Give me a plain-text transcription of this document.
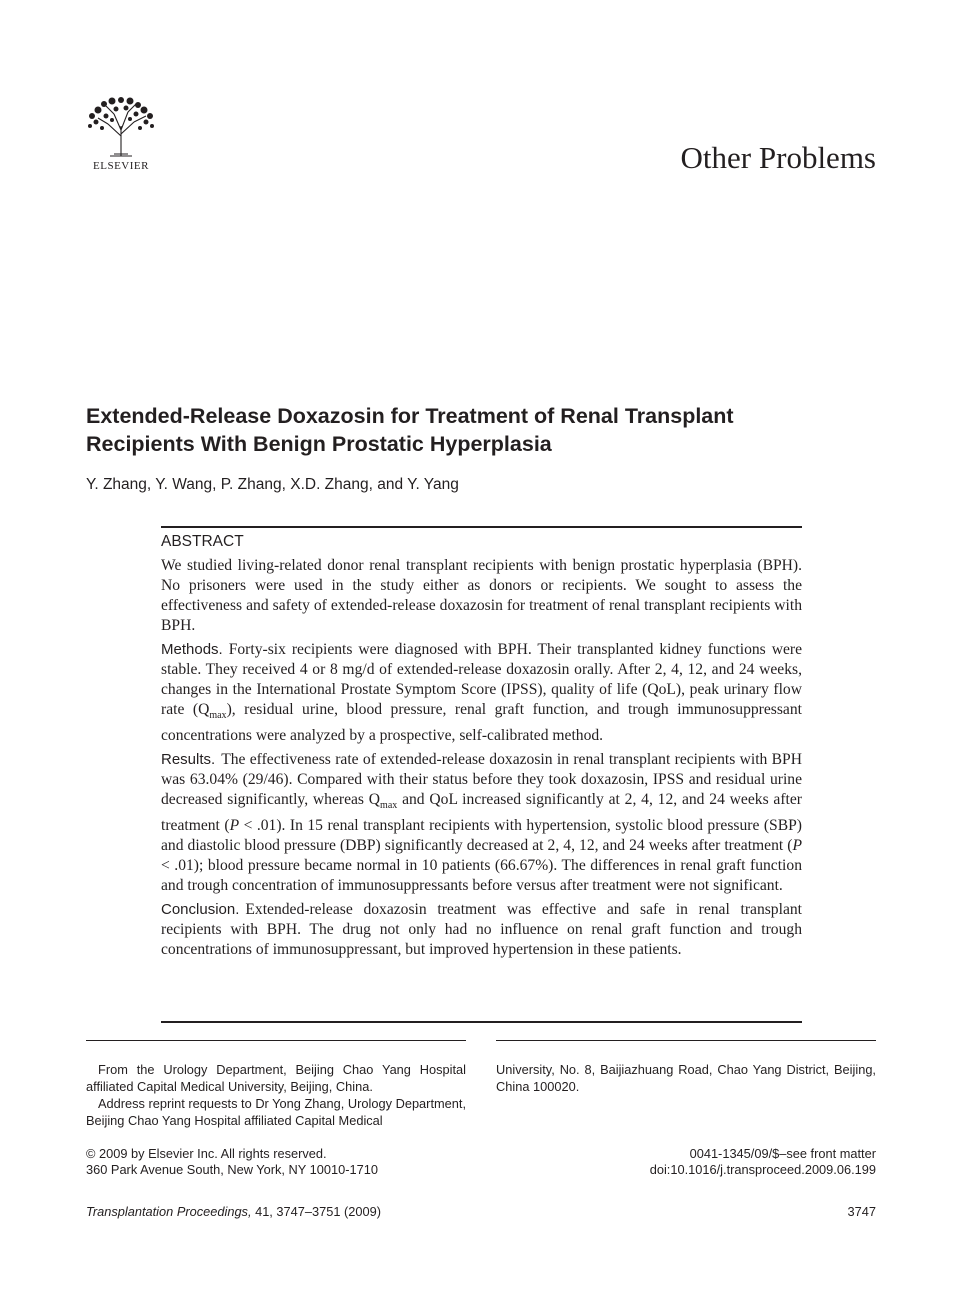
ELSEVIER	Other Problems
Extended-Release Doxazosin for Treatment of Renal Transplant Recipients With Benign Prostatic Hyperplasia
Y. Zhang, Y. Wang, P. Zhang, X.D. Zhang, and Y. Yang
ABSTRACT

We studied living-related donor renal transplant recipients with benign prostatic hyperplasia (BPH). No prisoners were used in the study either as donors or recipients. We sought to assess the effectiveness and safety of extended-release doxazosin for treatment of renal transplant recipients with BPH.

Methods. Forty-six recipients were diagnosed with BPH. Their transplanted kidney functions were stable. They received 4 or 8 mg/d of extended-release doxazosin orally. After 2, 4, 12, and 24 weeks, changes in the International Prostate Symptom Score (IPSS), quality of life (QoL), peak urinary flow rate $(Q_{max})$, residual urine, blood pressure, renal graft function, and trough immunosuppressant concentrations were analyzed by a prospective, self-calibrated method.

Results. The effectiveness rate of extended-release doxazosin in renal transplant recipients with BPH was 63.04% (29/46). Compared with their status before they took doxazosin, IPSS and residual urine decreased significantly, whereas $Q_{max}$ and QoL increased significantly at 2, 4, 12, and 24 weeks after treatment (P < .01). In 15 renal transplant recipients with hypertension, systolic blood pressure (SBP) and diastolic blood pressure (DBP) significantly decreased at 2, 4, 12, and 24 weeks after treatment (P < .01); blood pressure became normal in 10 patients (66.67%). The differences in renal graft function and trough concentration of immunosuppressants before versus after treatment were not significant.

Conclusion. Extended-release doxazosin treatment was effective and safe in renal transplant recipients with BPH. The drug not only had no influence on renal graft function and trough concentrations of immunosuppressant, but improved hypertension in these patients.

From the Urology Department, Beijing Chao Yang Hospital affiliated Capital Medical University, Beijing, China.

Address reprint requests to Dr Yong Zhang, Urology Department, Beijing Chao Yang Hospital affiliated Capital Medical

University, No. 8, Baijiazhuang Road, Chao Yang District, Beijing, China 100020.
© 2009 by Elsevier Inc. All rights reserved.
360 Park Avenue South, New York, NY 10010-1710
0041-1345/09/$–see front matter
doi:10.1016/j.transproceed.2009.06.199
Transplantation Proceedings, 41, 3747–3751 (2009)	3747
